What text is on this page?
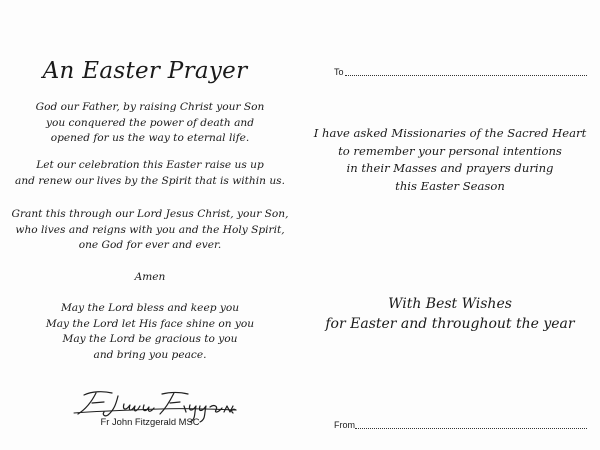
An Easter Prayer
God our Father, by raising Christ your Son
you conquered the power of death and
opened for us the way to eternal life.
Let our celebration this Easter raise us up
and renew our lives by the Spirit that is within us.
Grant this through our Lord Jesus Christ, your Son,
who lives and reigns with you and the Holy Spirit,
one God for ever and ever.
Amen
May the Lord bless and keep you
May the Lord let His face shine on you
May the Lord be gracious to you
and bring you peace.
Fr John Fitzgerald MSC
To
I have asked Missionaries of the Sacred Heart
to remember your personal intentions
in their Masses and prayers during
this Easter Season
With Best Wishes
for Easter and throughout the year
From
